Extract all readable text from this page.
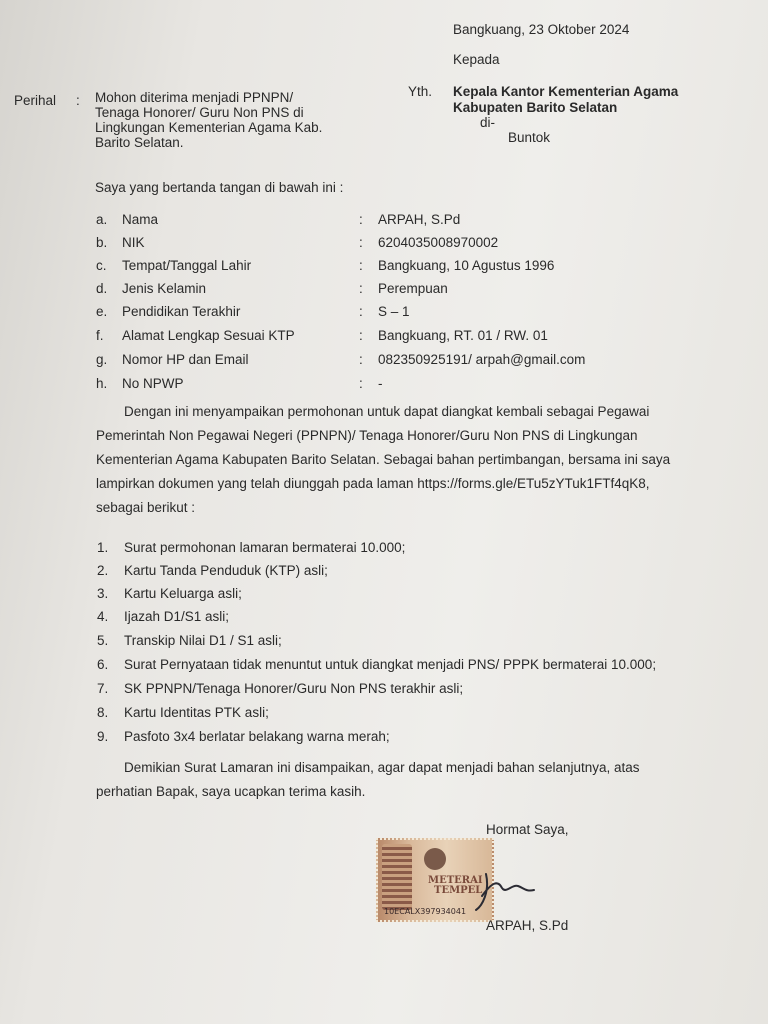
Bangkuang, 23 Oktober 2024
Kepada
Yth. Kepala Kantor Kementerian Agama
Kabupaten Barito Selatan
di-
Buntok
Perihal : Mohon diterima menjadi PPNPN/
Tenaga Honorer/ Guru Non PNS di
Lingkungan Kementerian Agama Kab.
Barito Selatan.
Saya yang bertanda tangan di bawah ini :
a. Nama	: ARPAH, S.Pd
b. NIK	: 6204035008970002
c. Tempat/Tanggal Lahir	: Bangkuang, 10 Agustus 1996
d. Jenis Kelamin	: Perempuan
e. Pendidikan Terakhir	: S – 1
f. Alamat Lengkap Sesuai KTP	: Bangkuang, RT. 01 / RW. 01
g. Nomor HP dan Email	: 082350925191/ arpah@gmail.com
h. No NPWP	: -
Dengan ini menyampaikan permohonan untuk dapat diangkat kembali sebagai Pegawai
Pemerintah Non Pegawai Negeri (PPNPN)/ Tenaga Honorer/Guru Non PNS di Lingkungan
Kementerian Agama Kabupaten Barito Selatan. Sebagai bahan pertimbangan, bersama ini saya
lampirkan dokumen yang telah diunggah pada laman https://forms.gle/ETu5zYTuk1FTf4qK8,
sebagai berikut :
1. Surat permohonan lamaran bermaterai 10.000;
2. Kartu Tanda Penduduk (KTP) asli;
3. Kartu Keluarga asli;
4. Ijazah D1/S1 asli;
5. Transkip Nilai D1 / S1 asli;
6. Surat Pernyataan tidak menuntut untuk diangkat menjadi PNS/ PPPK bermaterai 10.000;
7. SK PPNPN/Tenaga Honorer/Guru Non PNS terakhir asli;
8. Kartu Identitas PTK asli;
9. Pasfoto 3x4 berlatar belakang warna merah;
Demikian Surat Lamaran ini disampaikan, agar dapat menjadi bahan selanjutnya, atas
perhatian Bapak, saya ucapkan terima kasih.
Hormat Saya,
METERAI
TEMPEL
10ECALX397934041
ARPAH, S.Pd
